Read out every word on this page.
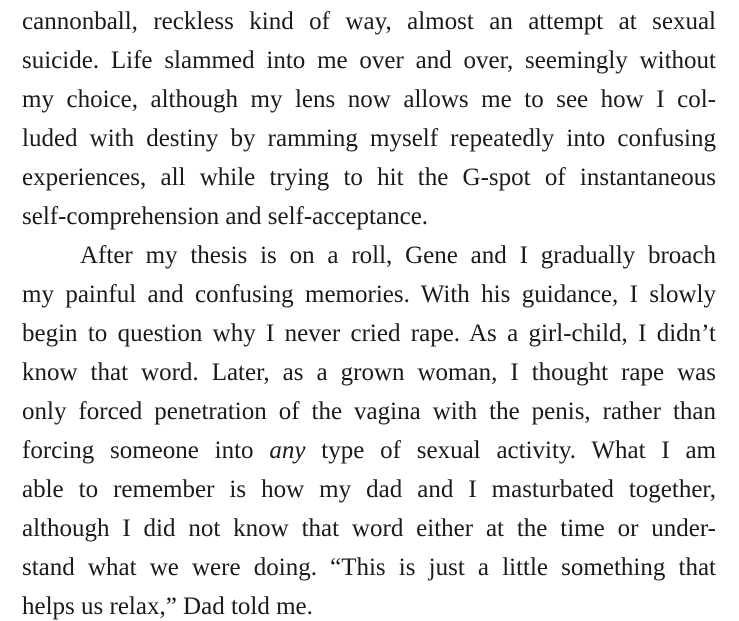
cannonball, reckless kind of way, almost an attempt at sexual
suicide. Life slammed into me over and over, seemingly without
my choice, although my lens now allows me to see how I col-
luded with destiny by ramming myself repeatedly into confusing
experiences, all while trying to hit the G-spot of instantaneous
self-comprehension and self-acceptance.
After my thesis is on a roll, Gene and I gradually broach
my painful and confusing memories. With his guidance, I slowly
begin to question why I never cried rape. As a girl-child, I didn’t
know that word. Later, as a grown woman, I thought rape was
only forced penetration of the vagina with the penis, rather than
forcing someone into any type of sexual activity. What I am
able to remember is how my dad and I masturbated together,
although I did not know that word either at the time or under-
stand what we were doing. “This is just a little something that
helps us relax,” Dad told me.
